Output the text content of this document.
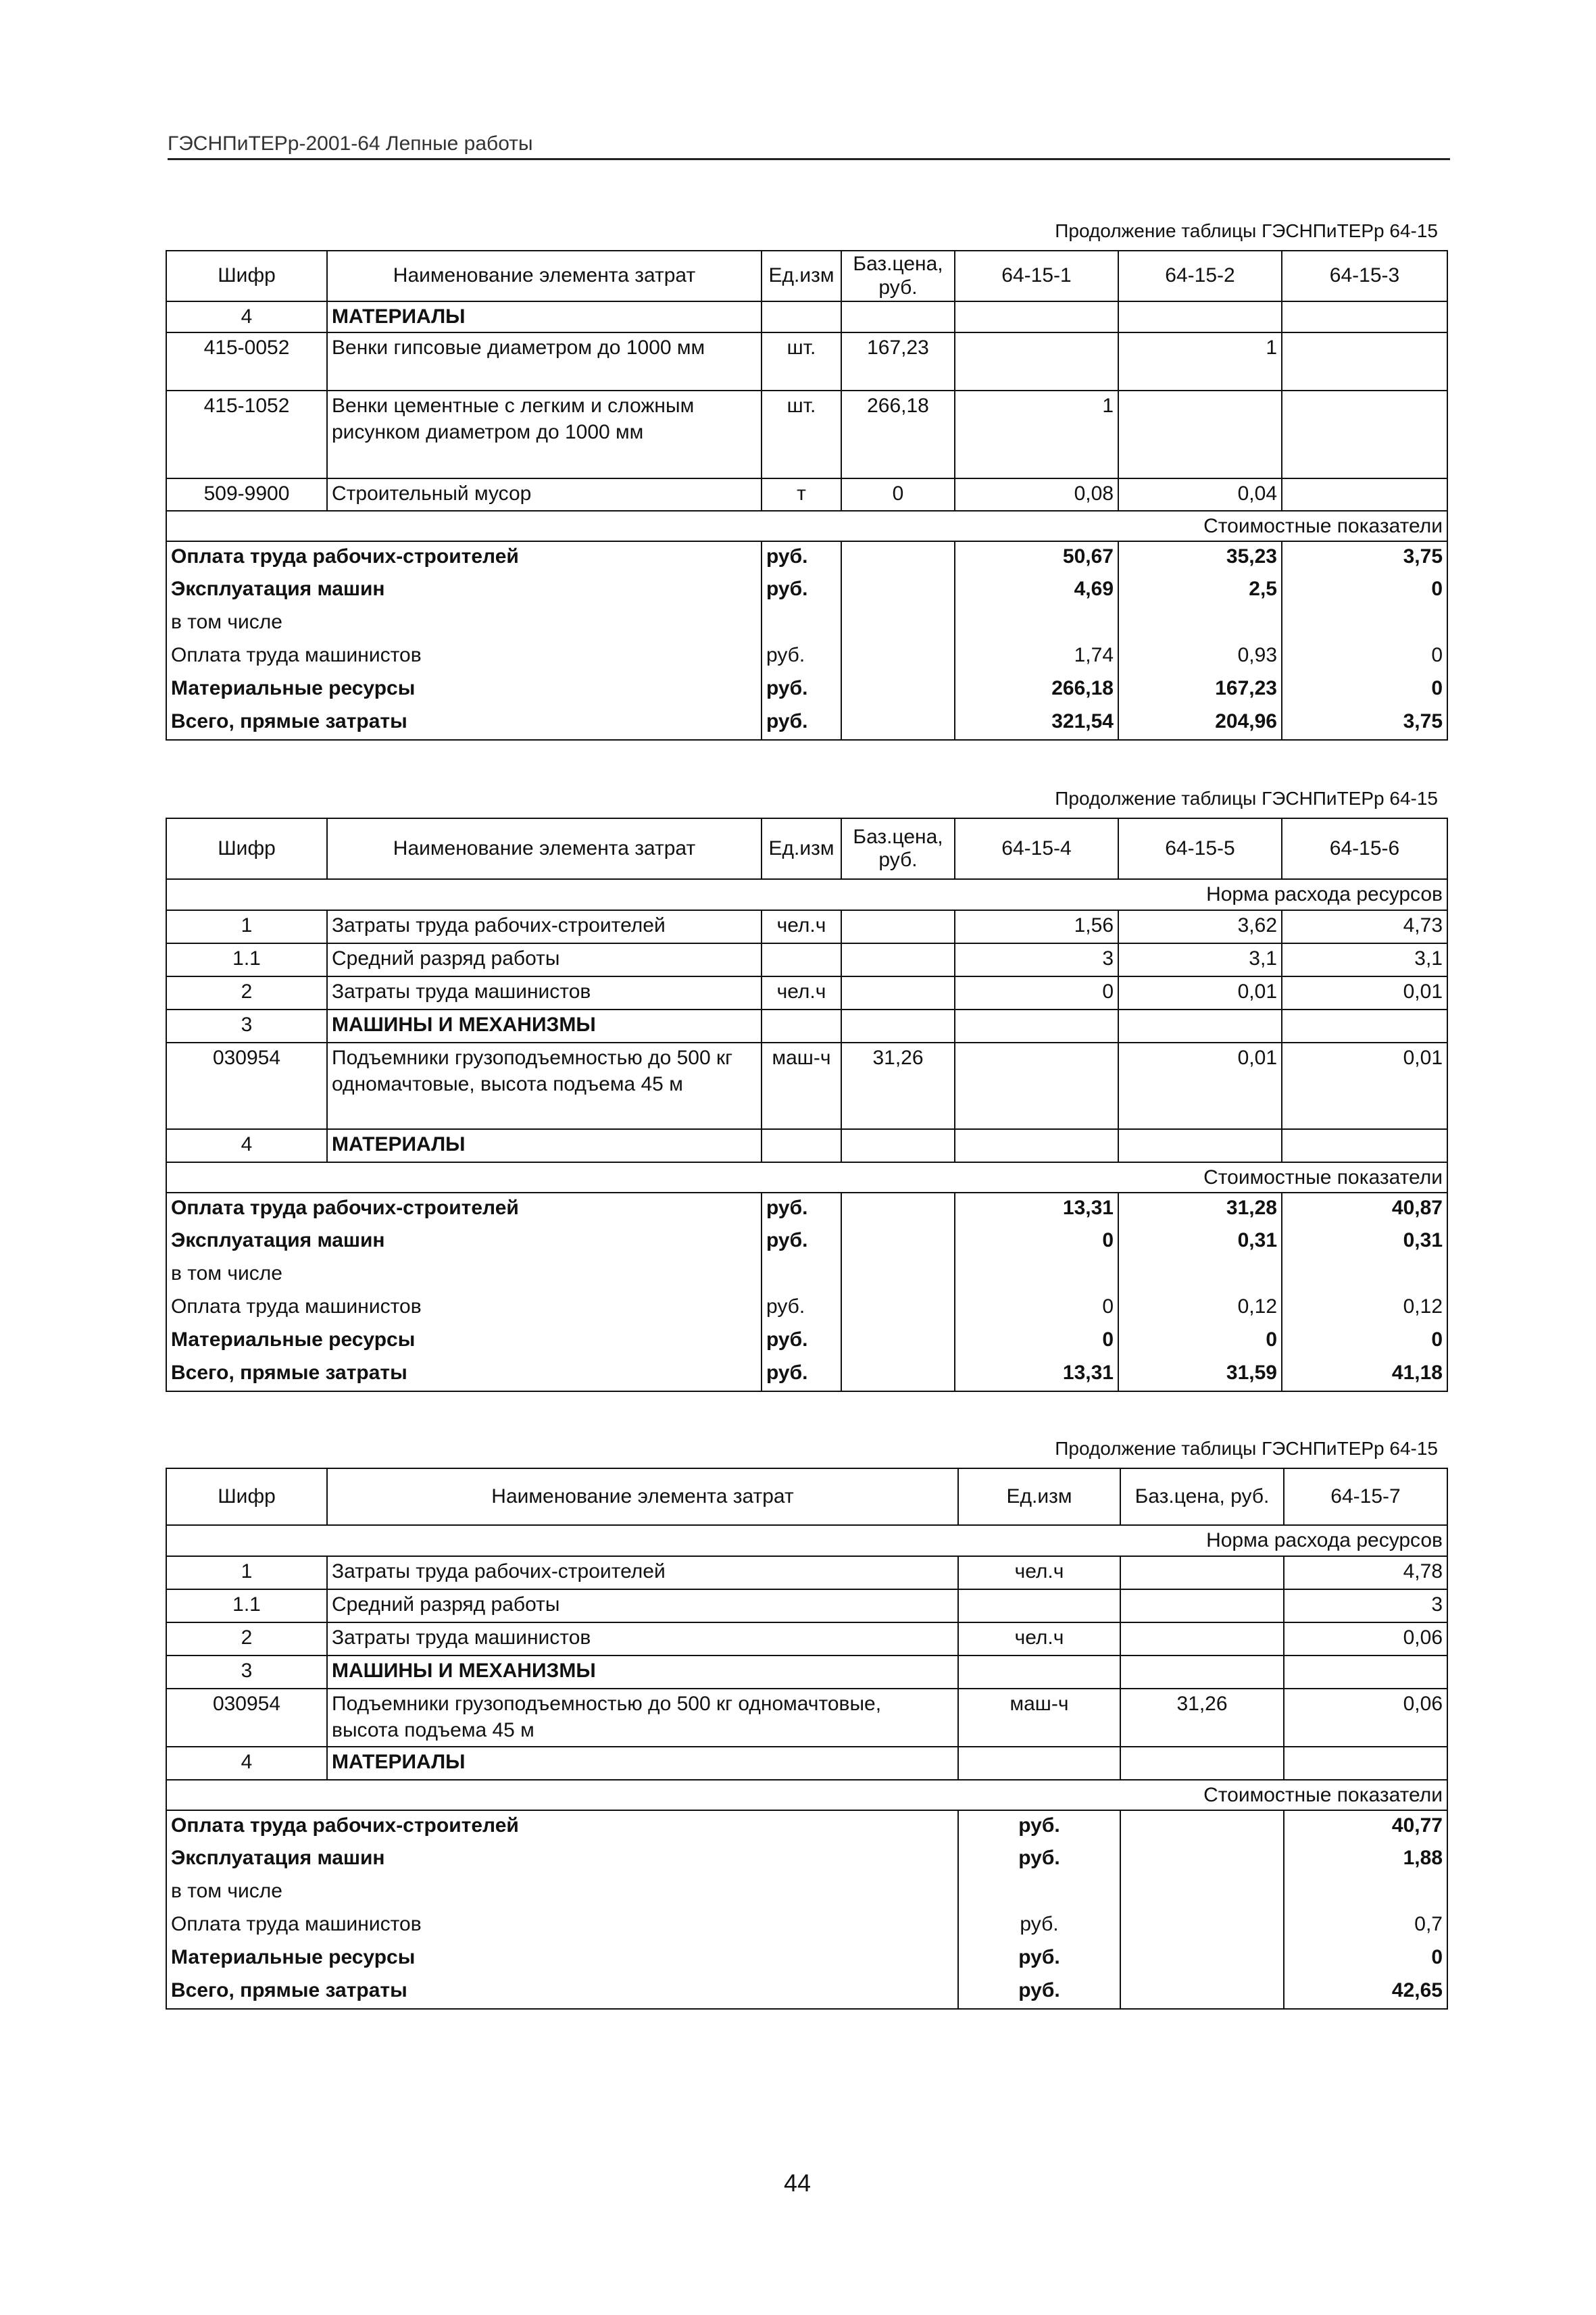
ГЭСНПиТЕРр-2001-64 Лепные работы
Продолжение таблицы ГЭСНПиТЕРр 64-15
Шифр	Наименование элемента затрат	Ед.изм	Баз.цена, руб.	64-15-1	64-15-2	64-15-3
4	МАТЕРИАЛЫ					
415-0052	Венки гипсовые диаметром до 1000 мм	шт.	167,23		1	
415-1052	Венки цементные с легким и сложным рисунком диаметром до 1000 мм	шт.	266,18	1		
509-9900	Строительный мусор	т	0	0,08	0,04	
Стоимостные показатели						
Оплата труда рабочих-строителей		руб.		50,67	35,23	3,75
Эксплуатация машин		руб.		4,69	2,5	0
в том числе						
Оплата труда машинистов		руб.		1,74	0,93	0
Материальные ресурсы		руб.		266,18	167,23	0
Всего, прямые затраты		руб.		321,54	204,96	3,75
Продолжение таблицы ГЭСНПиТЕРр 64-15
Шифр	Наименование элемента затрат	Ед.изм	Баз.цена, руб.	64-15-4	64-15-5	64-15-6
Норма расхода ресурсов						
1	Затраты труда рабочих-строителей	чел.ч		1,56	3,62	4,73
1.1	Средний разряд работы			3	3,1	3,1
2	Затраты труда машинистов	чел.ч		0	0,01	0,01
3	МАШИНЫ И МЕХАНИЗМЫ					
030954	Подъемники грузоподъемностью до 500 кг одномачтовые, высота подъема 45 м	маш-ч	31,26		0,01	0,01
4	МАТЕРИАЛЫ					
Стоимостные показатели						
Оплата труда рабочих-строителей		руб.		13,31	31,28	40,87
Эксплуатация машин		руб.		0	0,31	0,31
в том числе						
Оплата труда машинистов		руб.		0	0,12	0,12
Материальные ресурсы		руб.		0	0	0
Всего, прямые затраты		руб.		13,31	31,59	41,18
Продолжение таблицы ГЭСНПиТЕРр 64-15
Шифр	Наименование элемента затрат	Ед.изм	Баз.цена, руб.	64-15-7
Норма расхода ресурсов				
1	Затраты труда рабочих-строителей	чел.ч		4,78
1.1	Средний разряд работы			3
2	Затраты труда машинистов	чел.ч		0,06
3	МАШИНЫ И МЕХАНИЗМЫ			
030954	Подъемники грузоподъемностью до 500 кг одномачтовые, высота подъема 45 м	маш-ч	31,26	0,06
4	МАТЕРИАЛЫ			
Стоимостные показатели				
Оплата труда рабочих-строителей		руб.		40,77
Эксплуатация машин		руб.		1,88
в том числе				
Оплата труда машинистов		руб.		0,7
Материальные ресурсы		руб.		0
Всего, прямые затраты		руб.		42,65
44
